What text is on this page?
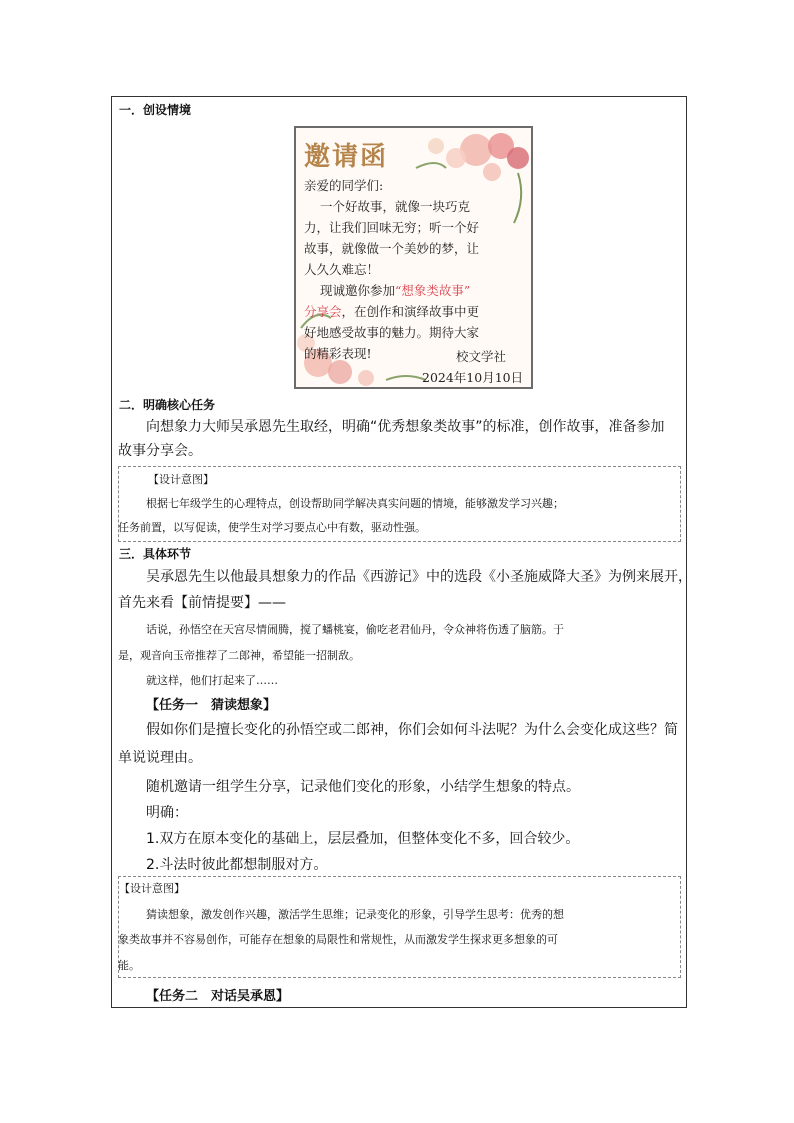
一．创设情境
邀请函
亲爱的同学们:
一个好故事，就像一块巧克
力，让我们回味无穷；听一个好
故事，就像做一个美妙的梦，让
人久久难忘！
现诚邀你参加“想象类故事”
分享会，在创作和演绎故事中更
好地感受故事的魅力。期待大家
的精彩表现!	校文学社
2024年10月10日
二．明确核心任务
向想象力大师吴承恩先生取经，明确“优秀想象类故事”的标准，创作故事，准备参加
故事分享会。
【设计意图】
根据七年级学生的心理特点，创设帮助同学解决真实问题的情境，能够激发学习兴趣；
任务前置，以写促读，使学生对学习要点心中有数，驱动性强。
三．具体环节
吴承恩先生以他最具想象力的作品《西游记》中的选段《小圣施威降大圣》为例来展开，
首先来看【前情提要】——
话说，孙悟空在天宫尽情闹腾，搅了蟠桃宴，偷吃老君仙丹，令众神将伤透了脑筋。于
是，观音向玉帝推荐了二郎神，希望能一招制敌。
就这样，他们打起来了……
【任务一　猜读想象】
假如你们是擅长变化的孙悟空或二郎神，你们会如何斗法呢？为什么会变化成这些？简
单说说理由。
随机邀请一组学生分享，记录他们变化的形象，小结学生想象的特点。
明确：
1.双方在原本变化的基础上，层层叠加，但整体变化不多，回合较少。
2.斗法时彼此都想制服对方。
【设计意图】
猜读想象，激发创作兴趣，激活学生思维；记录变化的形象，引导学生思考：优秀的想
象类故事并不容易创作，可能存在想象的局限性和常规性，从而激发学生探求更多想象的可
能。
【任务二　对话吴承恩】
